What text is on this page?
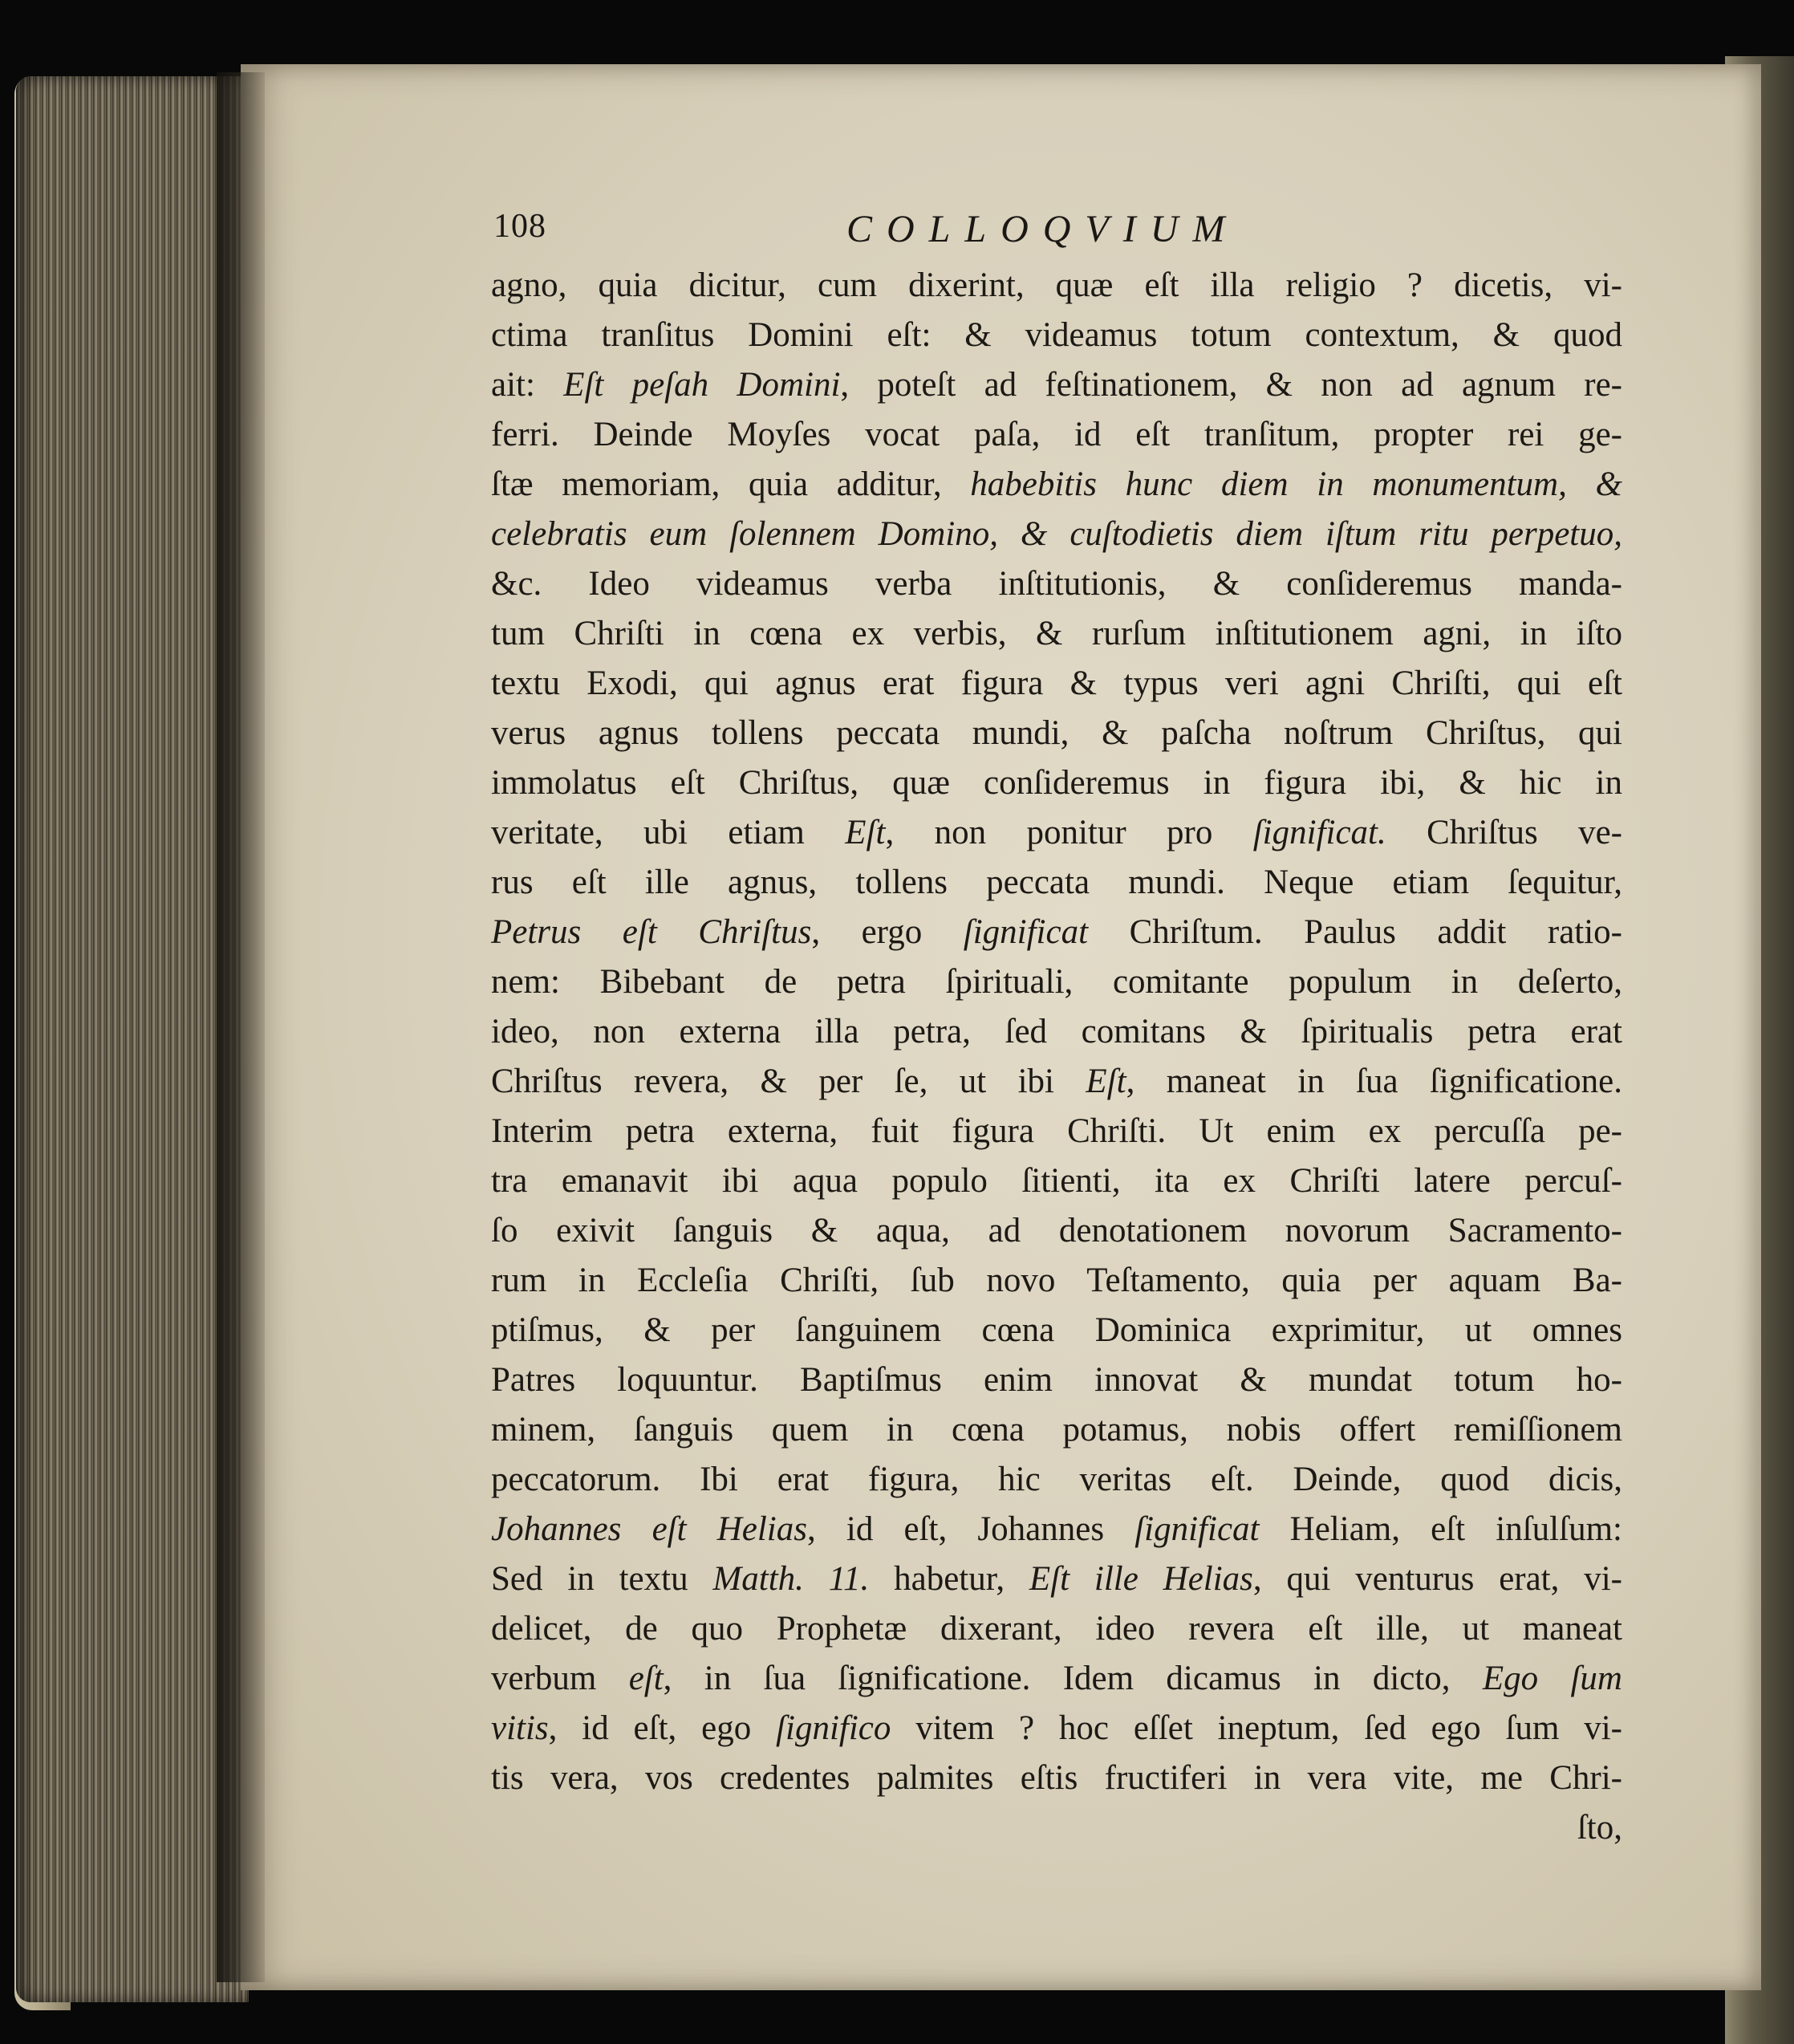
108	COLLOQVIUM
agno, quia dicitur, cum dixerint, quæ eſt illa religio ? dicetis, vi-
ctima tranſitus Domini eſt: & videamus totum contextum, & quod
ait: Eſt peſah Domini, poteſt ad feſtinationem, & non ad agnum re-
ferri. Deinde Moyſes vocat paſa, id eſt tranſitum, propter rei ge-
ſtæ memoriam, quia additur, habebitis hunc diem in monumentum, &
celebratis eum ſolennem Domino, & cuſtodietis diem iſtum ritu perpetuo,
&c. Ideo videamus verba inſtitutionis, & conſideremus manda-
tum Chriſti in cœna ex verbis, & rurſum inſtitutionem agni, in iſto
textu Exodi, qui agnus erat figura & typus veri agni Chriſti, qui eſt
verus agnus tollens peccata mundi, & paſcha noſtrum Chriſtus, qui
immolatus eſt Chriſtus, quæ conſideremus in figura ibi, & hic in
veritate, ubi etiam Eſt, non ponitur pro ſignificat. Chriſtus ve-
rus eſt ille agnus, tollens peccata mundi. Neque etiam ſequitur,
Petrus eſt Chriſtus, ergo ſignificat Chriſtum. Paulus addit ratio-
nem: Bibebant de petra ſpirituali, comitante populum in deſerto,
ideo, non externa illa petra, ſed comitans & ſpiritualis petra erat
Chriſtus revera, & per ſe, ut ibi Eſt, maneat in ſua ſignificatione.
Interim petra externa, fuit figura Chriſti. Ut enim ex percuſſa pe-
tra emanavit ibi aqua populo ſitienti, ita ex Chriſti latere percuſ-
ſo exivit ſanguis & aqua, ad denotationem novorum Sacramento-
rum in Eccleſia Chriſti, ſub novo Teſtamento, quia per aquam Ba-
ptiſmus, & per ſanguinem cœna Dominica exprimitur, ut omnes
Patres loquuntur. Baptiſmus enim innovat & mundat totum ho-
minem, ſanguis quem in cœna potamus, nobis offert remiſſionem
peccatorum. Ibi erat figura, hic veritas eſt. Deinde, quod dicis,
Johannes eſt Helias, id eſt, Johannes ſignificat Heliam, eſt inſulſum:
Sed in textu Matth. 11. habetur, Eſt ille Helias, qui venturus erat, vi-
delicet, de quo Prophetæ dixerant, ideo revera eſt ille, ut maneat
verbum eſt, in ſua ſignificatione. Idem dicamus in dicto, Ego ſum
vitis, id eſt, ego ſignifico vitem ? hoc eſſet ineptum, ſed ego ſum vi-
tis vera, vos credentes palmites eſtis fructiferi in vera vite, me Chri-
ſto,
